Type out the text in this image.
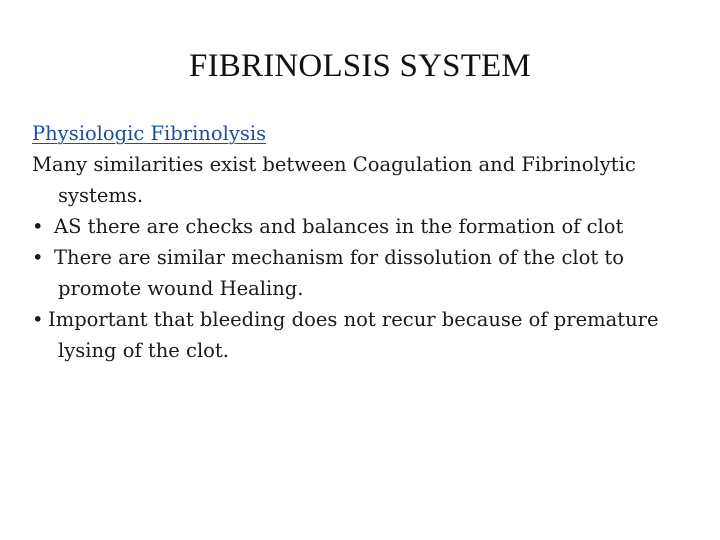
FIBRINOLSIS SYSTEM

Physiologic Fibrinolysis

Many similarities exist between Coagulation and Fibrinolytic systems.

• AS there are checks and balances in the formation of clot

• There are similar mechanism for dissolution of the clot to promote wound Healing.

• Important that bleeding does not recur because of premature lysing of the clot.
